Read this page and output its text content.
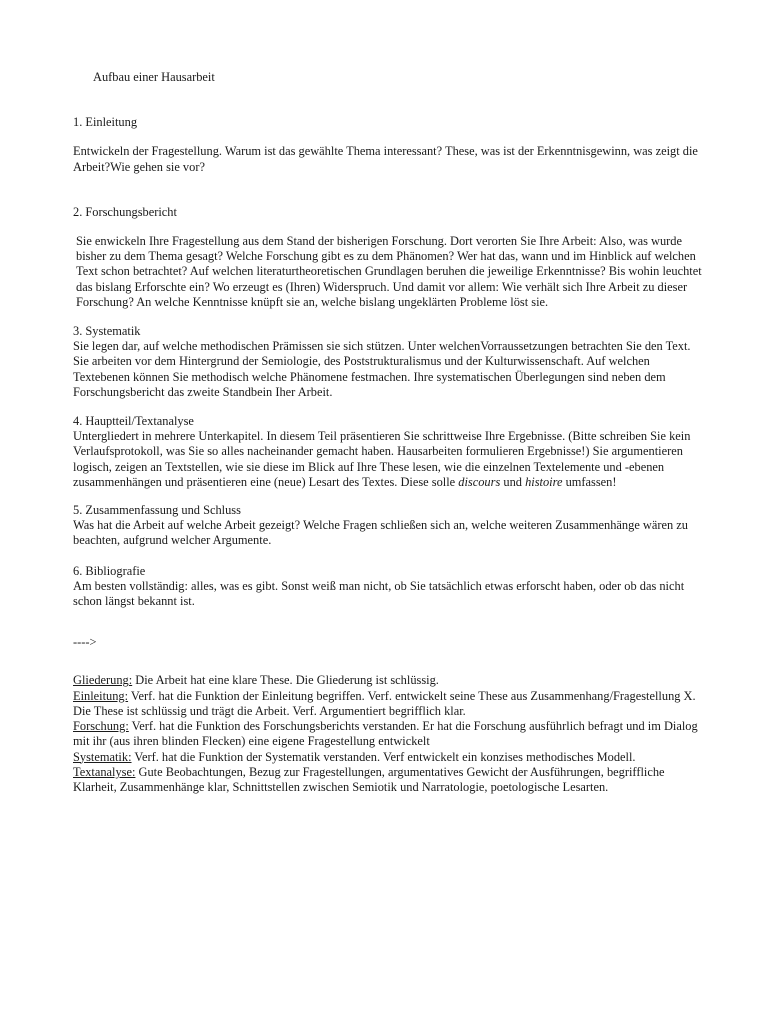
Aufbau einer Hausarbeit

1. Einleitung

Entwickeln der Fragestellung. Warum ist das gewählte Thema interessant? These, was ist der Erkenntnisgewinn, was zeigt die Arbeit?Wie gehen sie vor?

2. Forschungsbericht

Sie enwickeln Ihre Fragestellung aus dem Stand der bisherigen Forschung. Dort verorten Sie Ihre Arbeit: Also, was wurde bisher zu dem Thema gesagt? Welche Forschung gibt es zu dem Phänomen? Wer hat das, wann und im Hinblick auf welchen Text schon betrachtet? Auf welchen literaturtheoretischen Grundlagen beruhen die jeweilige Erkenntnisse? Bis wohin leuchtet das bislang Erforschte ein? Wo erzeugt es (Ihren) Widerspruch. Und damit vor allem: Wie verhält sich Ihre Arbeit zu dieser Forschung? An welche Kenntnisse knüpft sie an, welche bislang ungeklärten Probleme löst sie.

3. Systematik

Sie legen dar, auf welche methodischen Prämissen sie sich stützen. Unter welchenVorraussetzungen betrachten Sie den Text. Sie arbeiten vor dem Hintergrund der Semiologie, des Poststrukturalismus und der Kulturwissenschaft. Auf welchen Textebenen können Sie methodisch welche Phänomene festmachen. Ihre systematischen Überlegungen sind neben dem Forschungsbericht das zweite Standbein Iher Arbeit.

4. Hauptteil/Textanalyse

Untergliedert in mehrere Unterkapitel. In diesem Teil präsentieren Sie schrittweise Ihre Ergebnisse. (Bitte schreiben Sie kein Verlaufsprotokoll, was Sie so alles nacheinander gemacht haben. Hausarbeiten formulieren Ergebnisse!) Sie argumentieren logisch, zeigen an Textstellen, wie sie diese im Blick auf Ihre These lesen, wie die einzelnen Textelemente und -ebenen zusammenhängen und präsentieren eine (neue) Lesart des Textes. Diese solle discours und histoire umfassen!

5. Zusammenfassung und Schluss

Was hat die Arbeit auf welche Arbeit gezeigt? Welche Fragen schließen sich an, welche weiteren Zusammenhänge wären zu beachten, aufgrund welcher Argumente.

6. Bibliografie

Am besten vollständig: alles, was es gibt. Sonst weiß man nicht, ob Sie tatsächlich etwas erforscht haben, oder ob das nicht schon längst bekannt ist.

---->

Gliederung: Die Arbeit hat eine klare These. Die Gliederung ist schlüssig.

Einleitung: Verf. hat die Funktion der Einleitung begriffen. Verf. entwickelt seine These aus Zusammenhang/Fragestellung X. Die These ist schlüssig und trägt die Arbeit. Verf. Argumentiert begrifflich klar.

Forschung: Verf. hat die Funktion des Forschungsberichts verstanden. Er hat die Forschung ausführlich befragt und im Dialog mit ihr (aus ihren blinden Flecken) eine eigene Fragestellung entwickelt

Systematik: Verf. hat die Funktion der Systematik verstanden. Verf entwickelt ein konzises methodisches Modell.

Textanalyse: Gute Beobachtungen, Bezug zur Fragestellungen, argumentatives Gewicht der Ausführungen, begriffliche Klarheit, Zusammenhänge klar, Schnittstellen zwischen Semiotik und Narratologie, poetologische Lesarten.
